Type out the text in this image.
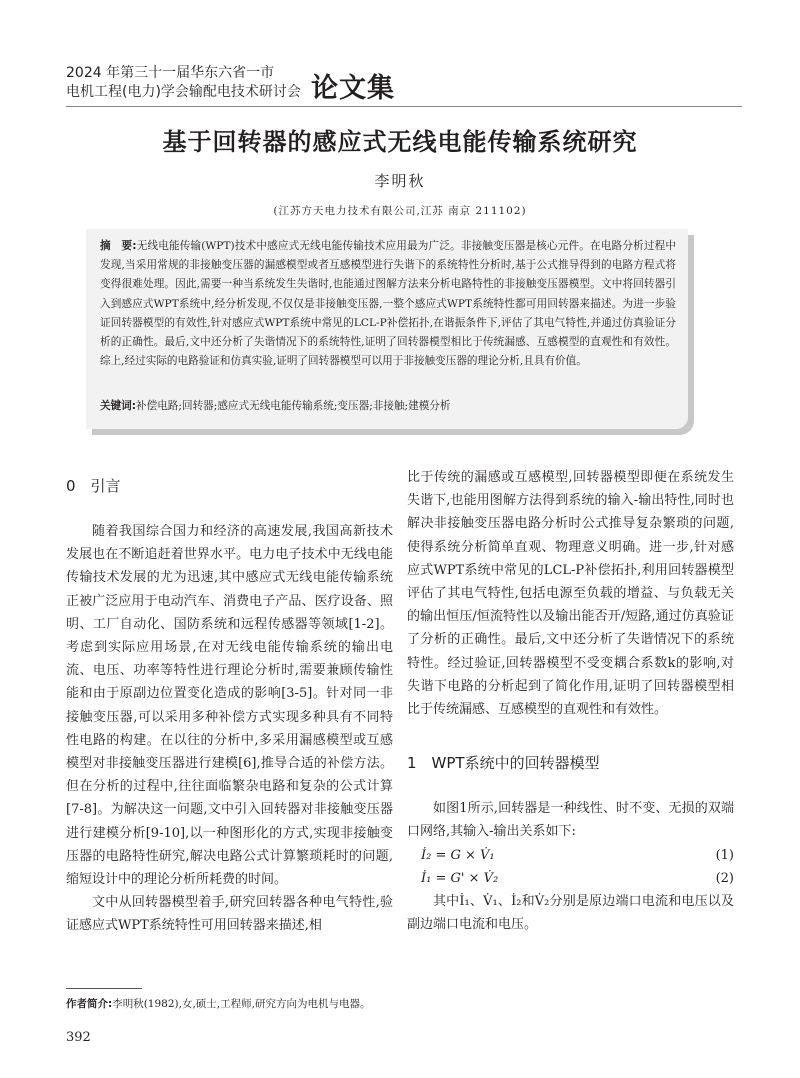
2024 年第三十一届华东六省一市
电机工程(电力)学会输配电技术研讨会 论文集
基于回转器的感应式无线电能传输系统研究
李明秋
(江苏方天电力技术有限公司,江苏 南京 211102)
摘　要:无线电能传输(WPT)技术中感应式无线电能传输技术应用最为广泛。非接触变压器是核心元件。在电路分析过程中发现,当采用常规的非接触变压器的漏感模型或者互感模型进行失谐下的系统特性分析时,基于公式推导得到的电路方程式将变得很难处理。因此,需要一种当系统发生失谐时,也能通过图解方法来分析电路特性的非接触变压器模型。文中将回转器引入到感应式WPT系统中,经分析发现,不仅仅是非接触变压器,一整个感应式WPT系统特性都可用回转器来描述。为进一步验证回转器模型的有效性,针对感应式WPT系统中常见的LCL-P补偿拓扑,在谐振条件下,评估了其电气特性,并通过仿真验证分析的正确性。最后,文中还分析了失谐情况下的系统特性,证明了回转器模型相比于传统漏感、互感模型的直观性和有效性。综上,经过实际的电路验证和仿真实验,证明了回转器模型可以用于非接触变压器的理论分析,且具有价值。
关键词:补偿电路;回转器;感应式无线电能传输系统;变压器;非接触;建模分析
0　引言

随着我国综合国力和经济的高速发展,我国高新技术发展也在不断追赶着世界水平。电力电子技术中无线电能传输技术发展的尤为迅速,其中感应式无线电能传输系统正被广泛应用于电动汽车、消费电子产品、医疗设备、照明、工厂自动化、国防系统和远程传感器等领域[1-2]。考虑到实际应用场景,在对无线电能传输系统的输出电流、电压、功率等特性进行理论分析时,需要兼顾传输性能和由于原副边位置变化造成的影响[3-5]。针对同一非接触变压器,可以采用多种补偿方式实现多种具有不同特性电路的构建。在以往的分析中,多采用漏感模型或互感模型对非接触变压器进行建模[6],推导合适的补偿方法。但在分析的过程中,往往面临繁杂电路和复杂的公式计算[7-8]。为解决这一问题,文中引入回转器对非接触变压器进行建模分析[9-10],以一种图形化的方式,实现非接触变压器的电路特性研究,解决电路公式计算繁琐耗时的问题,缩短设计中的理论分析所耗费的时间。

文中从回转器模型着手,研究回转器各种电气特性,验证感应式WPT系统特性可用回转器来描述,相

比于传统的漏感或互感模型,回转器模型即便在系统发生失谐下,也能用图解方法得到系统的输入-输出特性,同时也解决非接触变压器电路分析时公式推导复杂繁琐的问题,使得系统分析简单直观、物理意义明确。进一步,针对感应式WPT系统中常见的LCL-P补偿拓扑,利用回转器模型评估了其电气特性,包括电源至负载的增益、与负载无关的输出恒压/恒流特性以及输出能否开/短路,通过仿真验证了分析的正确性。最后,文中还分析了失谐情况下的系统特性。经过验证,回转器模型不受变耦合系数k的影响,对失谐下电路的分析起到了简化作用,证明了回转器模型相比于传统漏感、互感模型的直观性和有效性。

1　WPT系统中的回转器模型

如图1所示,回转器是一种线性、时不变、无损的双端口网络,其输入-输出关系如下:

İ₂ = G × V̇₁	(1)
İ₁ = G' × V̇₂	(2)

其中İ₁、V̇₁、İ₂和V̇₂分别是原边端口电流和电压以及副边端口电流和电压。

作者简介:李明秋(1982),女,硕士,工程师,研究方向为电机与电器。
392
